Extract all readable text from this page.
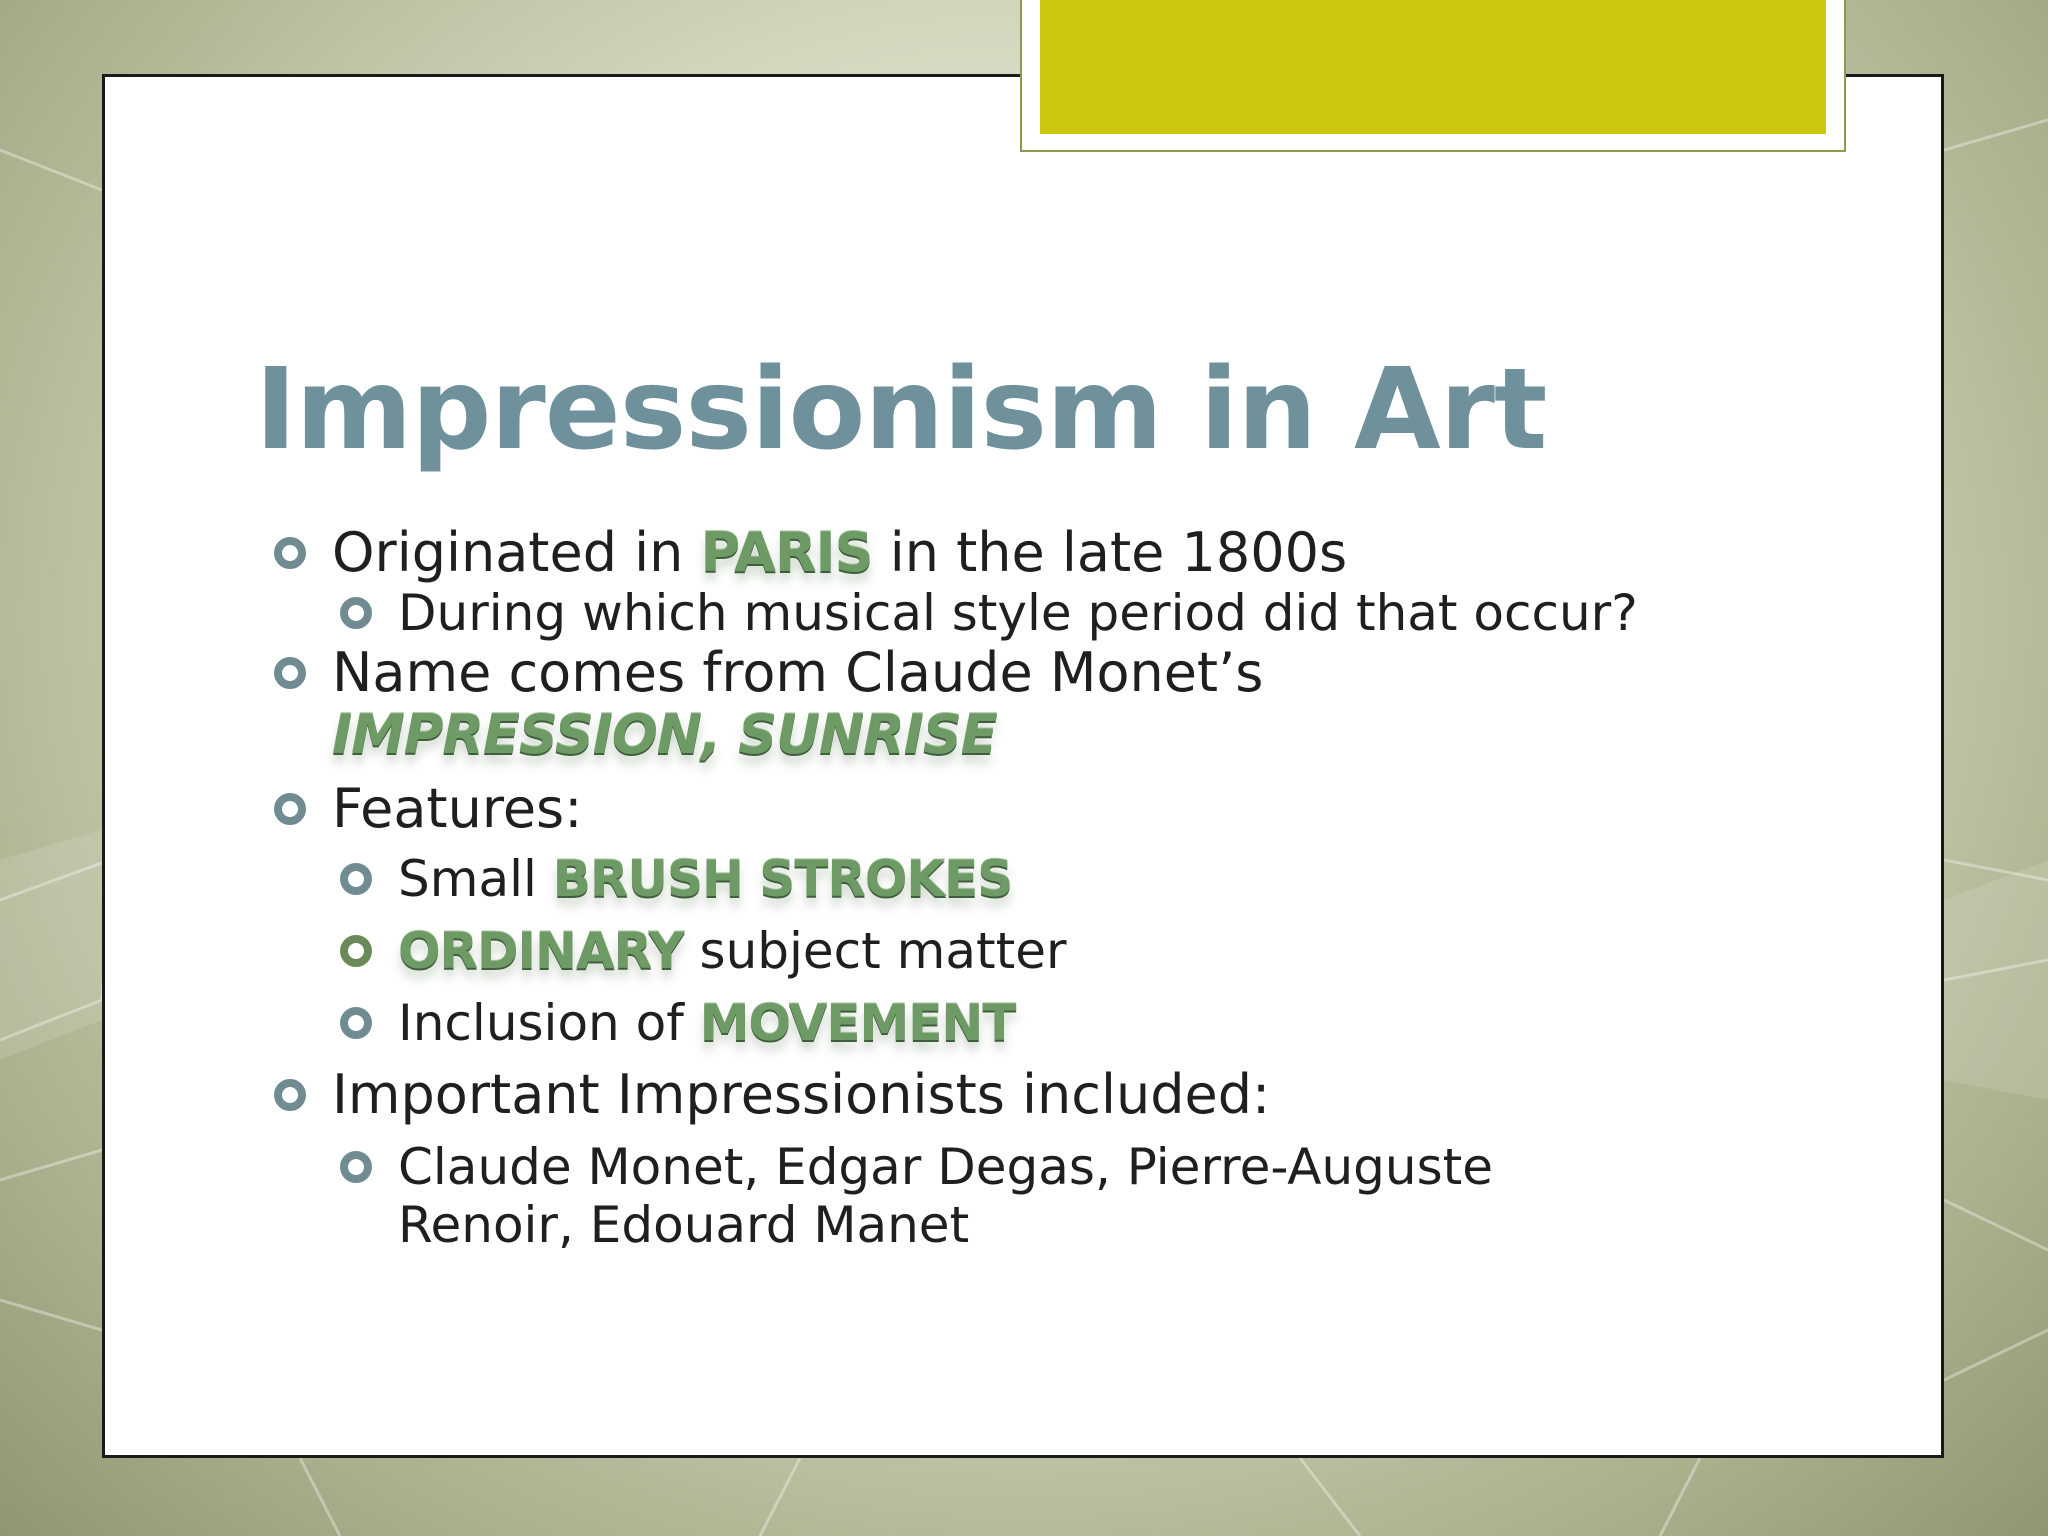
Impressionism in Art
Originated in PARIS in the late 1800s
During which musical style period did that occur?
Name comes from Claude Monet’s
IMPRESSION, SUNRISE
Features:
Small BRUSH STROKES
ORDINARY subject matter
Inclusion of MOVEMENT
Important Impressionists included:
Claude Monet, Edgar Degas, Pierre-Auguste
Renoir, Edouard Manet
